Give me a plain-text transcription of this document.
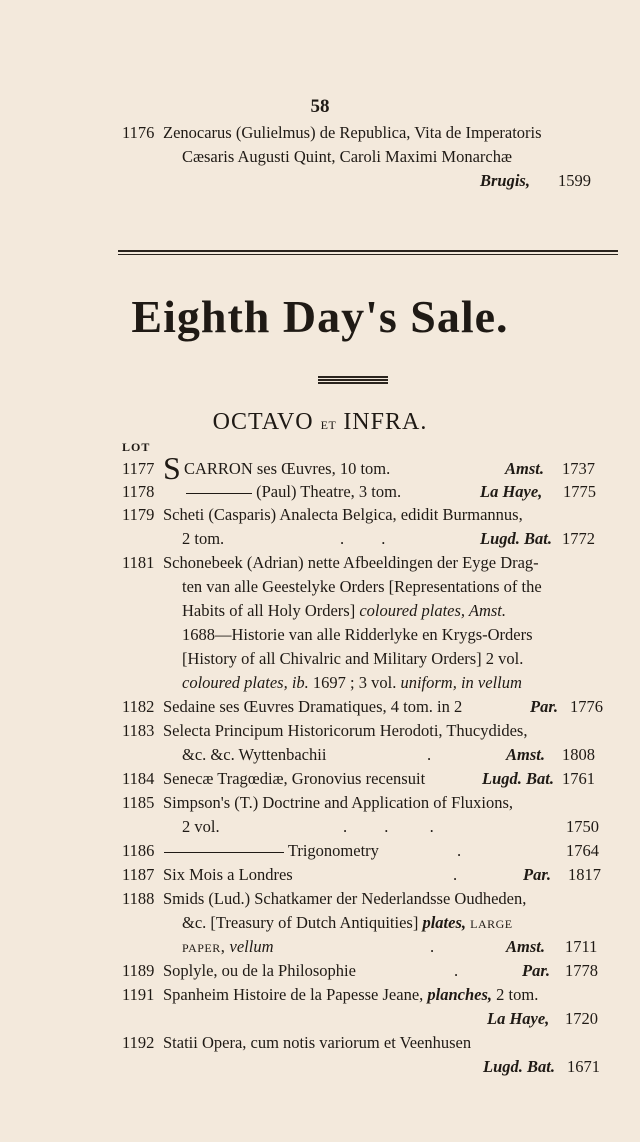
58
1176 Zenocarus (Gulielmus) de Republica, Vita de Imperatoris
Cæsaris Augusti Quint, Caroli Maximi Monarchæ
Brugis, 1599
Eighth Day's Sale.
OCTAVO et INFRA.
LOT
1177 S CARRON ses Œuvres, 10 tom.	Amst. 1737
1178	(Paul) Theatre, 3 tom.	La Haye, 1775
1179 Scheti (Casparis) Analecta Belgica, edidit Burmannus,
2 tom.	.         .	Lugd. Bat. 1772
1181 Schonebeek (Adrian) nette Afbeeldingen der Eyge Drag-
ten van alle Geestelyke Orders [Representations of the
Habits of all Holy Orders] coloured plates, Amst.
1688—Historie van alle Ridderlyke en Krygs-Orders
[History of all Chivalric and Military Orders] 2 vol.
coloured plates, ib. 1697 ; 3 vol. uniform, in vellum
1182 Sedaine ses Œuvres Dramatiques, 4 tom. in 2	Par. 1776
1183 Selecta Principum Historicorum Herodoti, Thucydides,
&c. &c. Wyttenbachii	.	Amst. 1808
1184 Senecæ Tragœdiæ, Gronovius recensuit	Lugd. Bat. 1761
1185 Simpson's (T.) Doctrine and Application of Fluxions,
2 vol.	.         .          .	1750
1186	Trigonometry	.	1764
1187 Six Mois a Londres	.	Par. 1817
1188 Smids (Lud.) Schatkamer der Nederlandsse Oudheden,
&c. [Treasury of Dutch Antiquities] plates, large
paper, vellum	.	Amst. 1711
1189 Soplyle, ou de la Philosophie	.	Par. 1778
1191 Spanheim Histoire de la Papesse Jeane, planches, 2 tom.
La Haye, 1720
1192 Statii Opera, cum notis variorum et Veenhusen
Lugd. Bat. 1671
